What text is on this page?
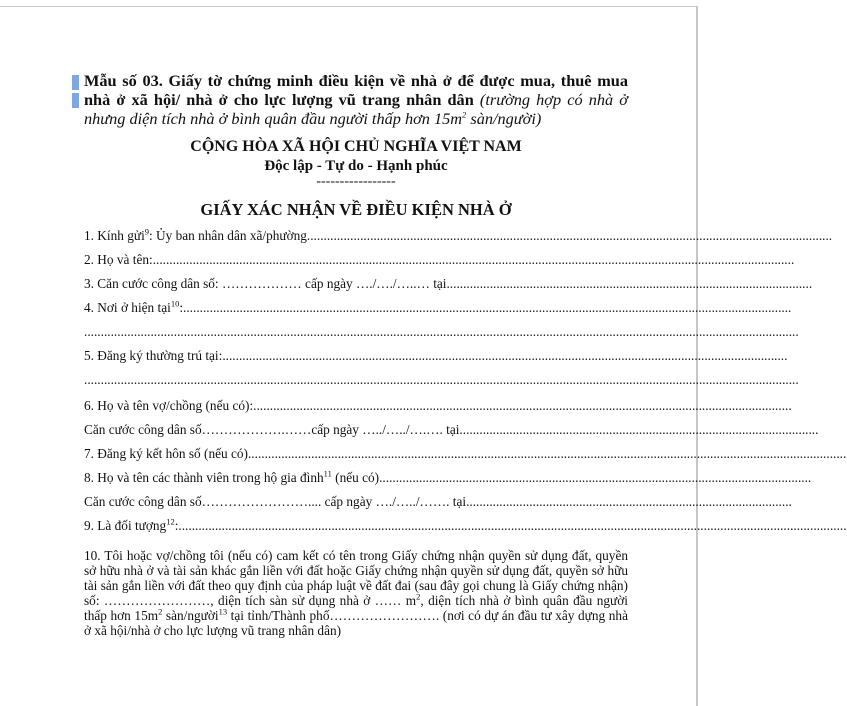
Mẫu số 03. Giấy tờ chứng minh điều kiện về nhà ở để được mua, thuê mua nhà ở xã hội/ nhà ở cho lực lượng vũ trang nhân dân (trường hợp có nhà ở nhưng diện tích nhà ở bình quân đầu người thấp hơn $15m^2$ sàn/người)

CỘNG HÒA XÃ HỘI CHỦ NGHĨA VIỆT NAM
Độc lập - Tự do - Hạnh phúc
-----------------
GIẤY XÁC NHẬN VỀ ĐIỀU KIỆN NHÀ Ở
1. Kính gửi$^9$: Ủy ban nhân dân xã/phường ..............................................................................................................................................................
2. Họ và tên: .................................................................................................................................................................................................
3. Căn cước công dân số: ……………… cấp ngày …./…./…..… tại ..............................................................................................................
4. Nơi ở hiện tại$^{10}$: .......................................................................................................................................................................................
.......................................................................................................................................................................................................................
5. Đăng ký thường trú tại: ..........................................................................................................................................................................
.......................................................................................................................................................................................................................
6. Họ và tên vợ/chồng (nếu có): ..................................................................................................................................................................
Căn cước công dân số……………….……cấp ngày …../…../….…. tại ............................................................................................................
7. Đăng ký kết hôn số (nếu có) ....................................................................................................................................................................................
8. Họ và tên các thành viên trong hộ gia đình$^{11}$ (nếu có) ..................................................................................................................................
Căn cước công dân số…………………….... cấp ngày …./…../……. tại ..................................................................................................
9. Là đối tượng$^{12}$: .........................................................................................................................................................................................................

10. Tôi hoặc vợ/chồng tôi (nếu có) cam kết có tên trong Giấy chứng nhận quyền sử dụng đất, quyền sở hữu nhà ở và tài sản khác gắn liền với đất hoặc Giấy chứng nhận quyền sử dụng đất, quyền sở hữu tài sản gắn liền với đất theo quy định của pháp luật về đất đai (sau đây gọi chung là Giấy chứng nhận) số: ……………………, diện tích sàn sử dụng nhà ở …… $m^2$, diện tích nhà ở bình quân đầu người thấp hơn $15m^2$ sàn/người$^{13}$ tại tỉnh/Thành phố……………………. (nơi có dự án đầu tư xây dựng nhà ở xã hội/nhà ở cho lực lượng vũ trang nhân dân)
